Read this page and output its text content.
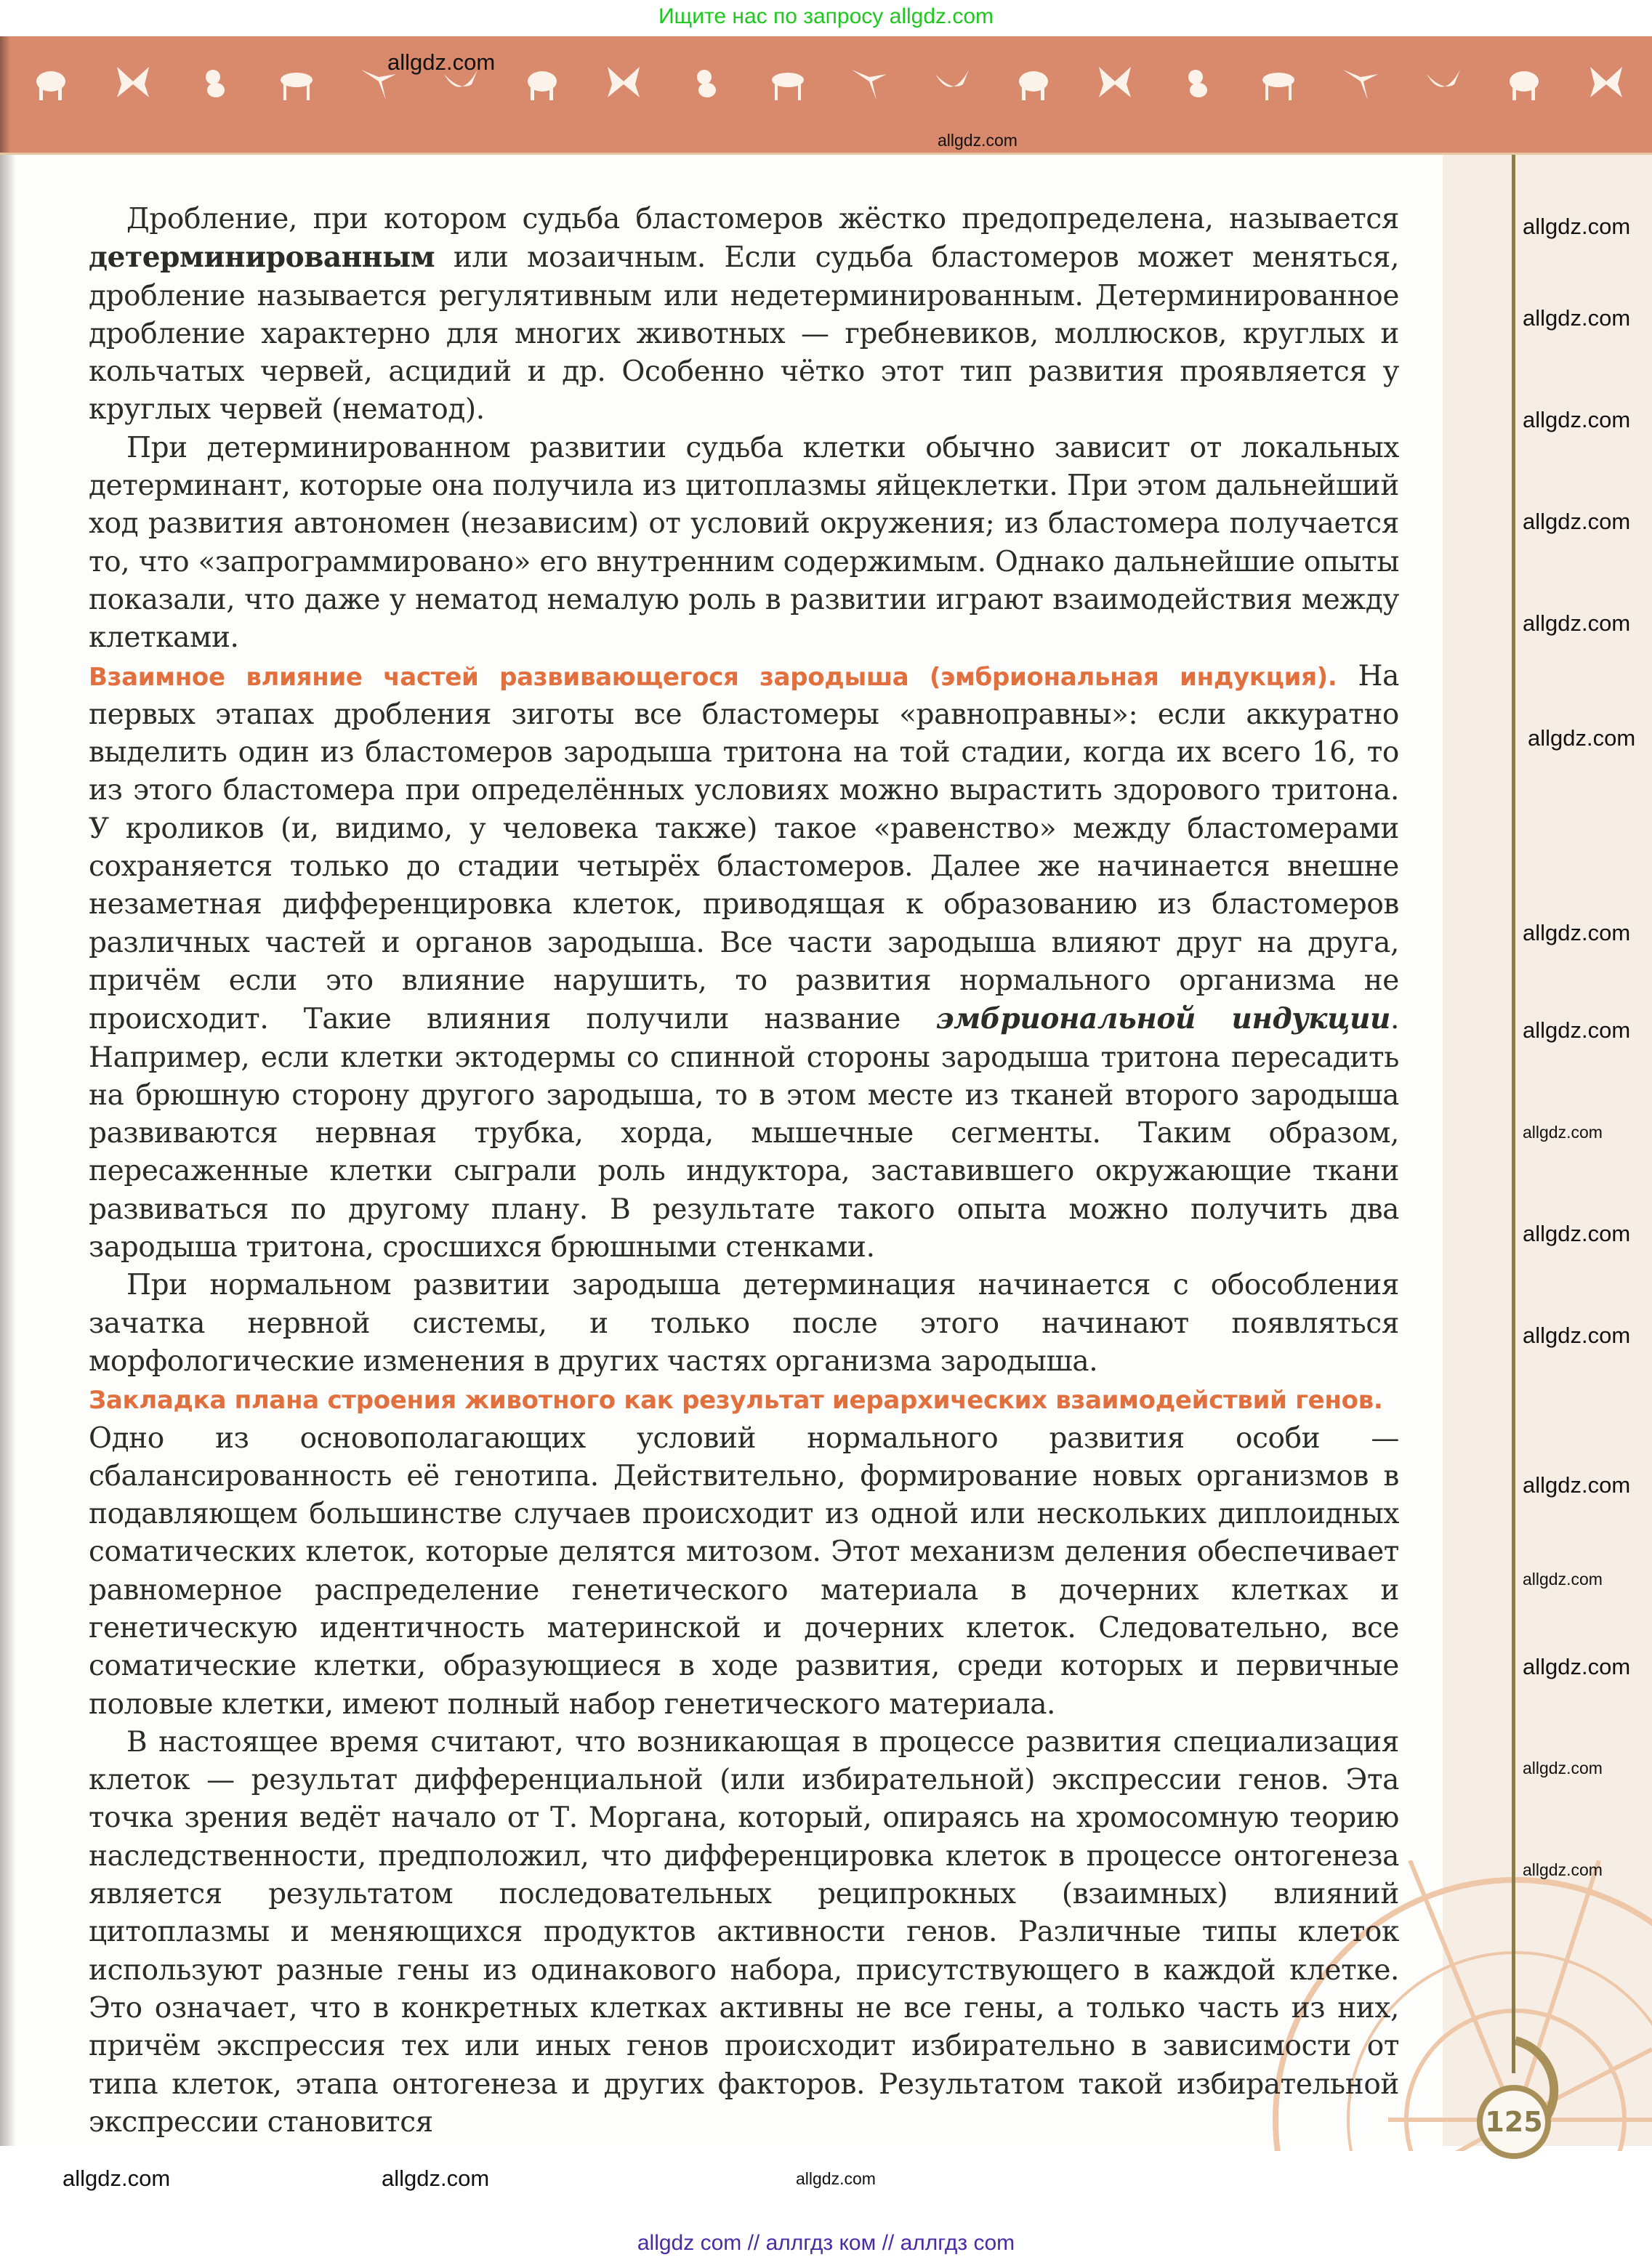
Ищите нас по запросу allgdz.com
125

Дробление, при котором судьба бластомеров жёстко предопределена, называется детерминированным или мозаичным. Если судьба бластомеров может меняться, дробление называется регулятивным или недетерминированным. Детерминированное дробление характерно для многих животных — гребневиков, моллюсков, круглых и кольчатых червей, асцидий и др. Особенно чётко этот тип развития проявляется у круглых червей (нематод).

При детерминированном развитии судьба клетки обычно зависит от локальных детерминант, которые она получила из цитоплазмы яйцеклетки. При этом дальнейший ход развития автономен (независим) от условий окружения; из бластомера получается то, что «запрограммировано» его внутренним содержимым. Однако дальнейшие опыты показали, что даже у нематод немалую роль в развитии играют взаимодействия между клетками.

Взаимное влияние частей развивающегося зародыша (эмбриональная индукция). На первых этапах дробления зиготы все бластомеры «равноправны»: если аккуратно выделить один из бластомеров зародыша тритона на той стадии, когда их всего 16, то из этого бластомера при определённых условиях можно вырастить здорового тритона. У кроликов (и, видимо, у человека также) такое «равенство» между бластомерами сохраняется только до стадии четырёх бластомеров. Далее же начинается внешне незаметная дифференцировка клеток, приводящая к образованию из бластомеров различных частей и органов зародыша. Все части зародыша влияют друг на друга, причём если это влияние нарушить, то развития нормального организма не происходит. Такие влияния получили название эмбриональной индукции. Например, если клетки эктодермы со спинной стороны зародыша тритона пересадить на брюшную сторону другого зародыша, то в этом месте из тканей второго зародыша развиваются нервная трубка, хорда, мышечные сегменты. Таким образом, пересаженные клетки сыграли роль индуктора, заставившего окружающие ткани развиваться по другому плану. В результате такого опыта можно получить два зародыша тритона, сросшихся брюшными стенками.

При нормальном развитии зародыша детерминация начинается с обособления зачатка нервной системы, и только после этого начинают появляться морфологические изменения в других частях организма зародыша.

Закладка плана строения животного как результат иерархических взаимодействий генов.

Одно из основополагающих условий нормального развития особи — сбалансированность её генотипа. Действительно, формирование новых организмов в подавляющем большинстве случаев происходит из одной или нескольких диплоидных соматических клеток, которые делятся митозом. Этот механизм деления обеспечивает равномерное распределение генетического материала в дочерних клетках и генетическую идентичность материнской и дочерних клеток. Следовательно, все соматические клетки, образующиеся в ходе развития, среди которых и первичные половые клетки, имеют полный набор генетического материала.

В настоящее время считают, что возникающая в процессе развития специализация клеток — результат дифференциальной (или избирательной) экспрессии генов. Эта точка зрения ведёт начало от Т. Моргана, который, опираясь на хромосомную теорию наследственности, предположил, что дифференцировка клеток в процессе онтогенеза является результатом последовательных реципрокных (взаимных) влияний цитоплазмы и меняющихся продуктов активности генов. Различные типы клеток используют разные гены из одинакового набора, присутствующего в каждой клетке. Это означает, что в конкретных клетках активны не все гены, а только часть из них, причём экспрессия тех или иных генов происходит избирательно в зависимости от типа клеток, этапа онтогенеза и других факторов. Результатом такой избирательной экспрессии становится

allgdz.com
allgdz.com
allgdz.com
allgdz.com
allgdz.com
allgdz.com
allgdz.com
allgdz.com
allgdz.com
allgdz.com
allgdz.com
allgdz.com
allgdz.com
allgdz.com
allgdz.com
allgdz.com
allgdz.com
allgdz.com
allgdz.com
allgdz.com	allgdz.com
allgdz com // аллгдз ком // аллгдз com
